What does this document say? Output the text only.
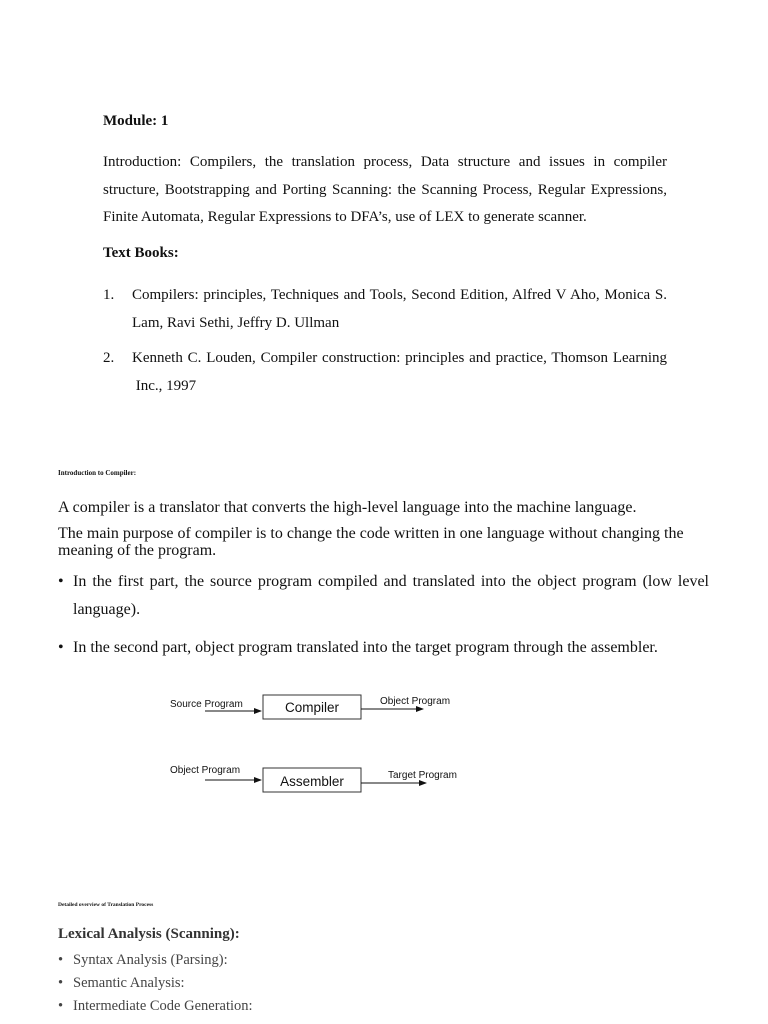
Module: 1
Introduction: Compilers, the translation process, Data structure and issues in compiler
structure, Bootstrapping and Porting Scanning: the Scanning Process, Regular Expressions,
Finite Automata, Regular Expressions to DFA’s, use of LEX to generate scanner.
Text Books:
1. Compilers: principles, Techniques and Tools, Second Edition, Alfred V Aho, Monica S.
Lam, Ravi Sethi, Jeffry D. Ullman
2. Kenneth C. Louden, Compiler construction: principles and practice, Thomson Learning
Inc., 1997
Introduction to Compiler:
A compiler is a translator that converts the high-level language into the machine language.
The main purpose of compiler is to change the code written in one language without changing the meaning of the program.
• In the first part, the source program compiled and translated into the object program (low level language).
• In the second part, object program translated into the target program through the assembler.
Source Program	Compiler	Object Program
Object Program
Assembler	Target Program
Detailed overview of Translation Process
Lexical Analysis (Scanning):
• Syntax Analysis (Parsing):
• Semantic Analysis:
• Intermediate Code Generation:
